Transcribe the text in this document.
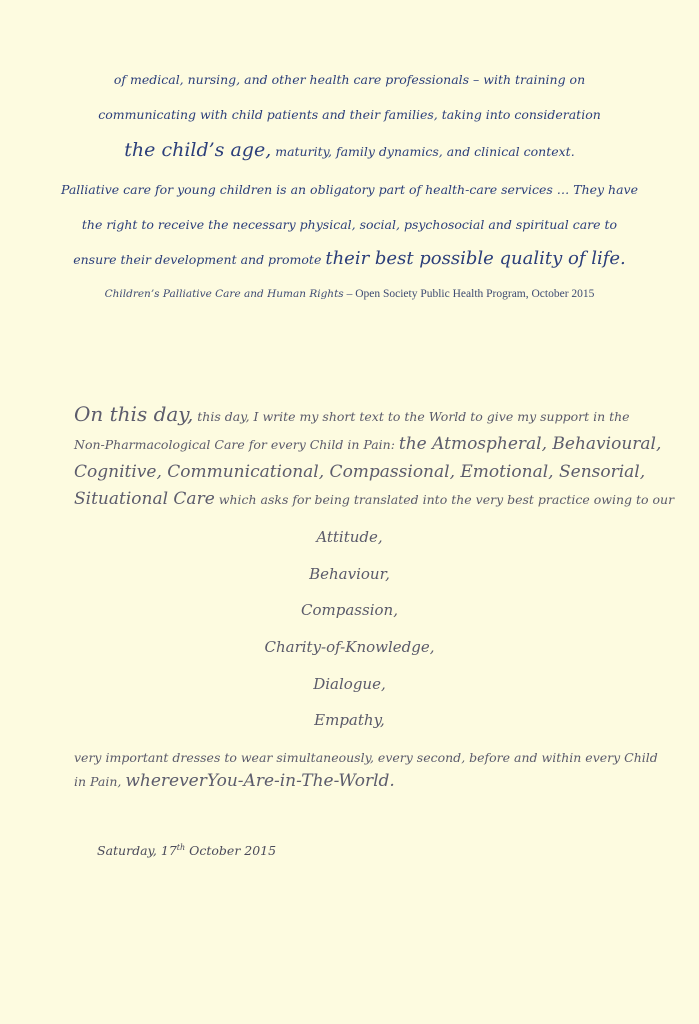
of medical, nursing, and other health care professionals – with training on
communicating with child patients and their families, taking into consideration
the child’s age, maturity, family dynamics, and clinical context.
Palliative care for young children is an obligatory part of health-care services … They have
the right to receive the necessary physical, social, psychosocial and spiritual care to
ensure their development and promote their best possible quality of life.
Children’s Palliative Care and Human Rights – Open Society Public Health Program, October 2015
On this day, this day, I write my short text to the World to give my support in the
Non-Pharmacological Care for every Child in Pain: the Atmospheral, Behavioural,
Cognitive, Communicational, Compassional, Emotional, Sensorial,
Situational Care which asks for being translated into the very best practice owing to our
Attitude,
Behaviour,
Compassion,
Charity-of-Knowledge,
Dialogue,
Empathy,
very important dresses to wear simultaneously, every second, before and within every Child
in Pain, whereverYou-Are-in-The-World.
Saturday, 17th October 2015
